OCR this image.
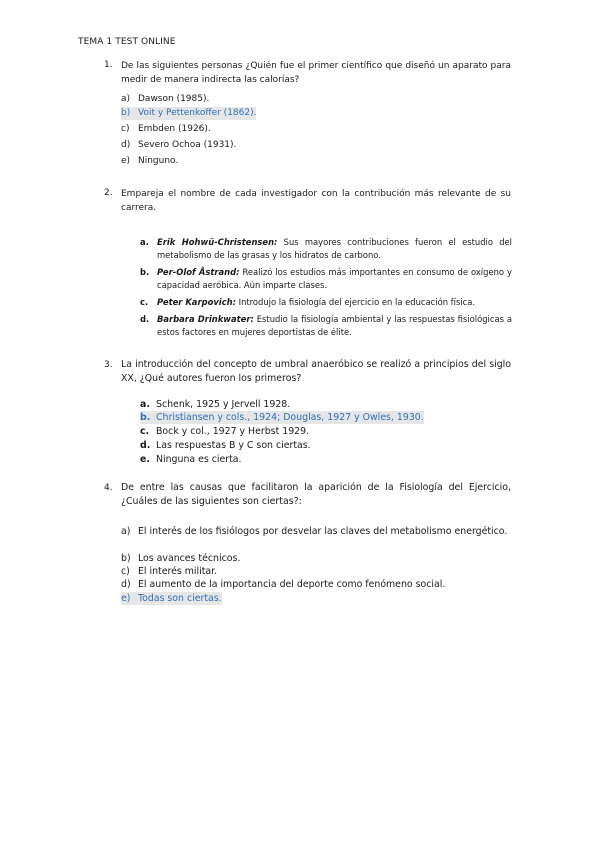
TEMA 1 TEST ONLINE
1. De las siguientes personas ¿Quién fue el primer científico que diseñó un aparato para medir de manera indirecta las calorías?
a) Dawson (1985).
b) Voit y Pettenkoffer (1862).
c) Embden (1926).
d) Severo Ochoa (1931).
e) Ninguno.
2. Empareja el nombre de cada investigador con la contribución más relevante de su carrera.
a. Erik Hohwü-Christensen: Sus mayores contribuciones fueron el estudio del metabolismo de las grasas y los hidratos de carbono.
b. Per-Olof Åstrand: Realizó los estudios más importantes en consumo de oxígeno y capacidad aeróbica. Aún imparte clases.
c. Peter Karpovich: Introdujo la fisiología del ejercicio en la educación física.
d. Barbara Drinkwater: Estudio la fisiología ambiental y las respuestas fisiológicas a estos factores en mujeres deportistas de élite.
3. La introducción del concepto de umbral anaeróbico se realizó a principios del siglo XX, ¿Qué autores fueron los primeros?
a. Schenk, 1925 y Jervell 1928.
b. Christiansen y cols., 1924; Douglas, 1927 y Owles, 1930.
c. Bock y col., 1927 y Herbst 1929.
d. Las respuestas B y C son ciertas.
e. Ninguna es cierta.
4. De entre las causas que facilitaron la aparición de la Fisiología del Ejercicio, ¿Cuáles de las siguientes son ciertas?:
a) El interés de los fisiólogos por desvelar las claves del metabolismo energético.
b) Los avances técnicos.
c) El interés militar.
d) El aumento de la importancia del deporte como fenómeno social.
e) Todas son ciertas.
